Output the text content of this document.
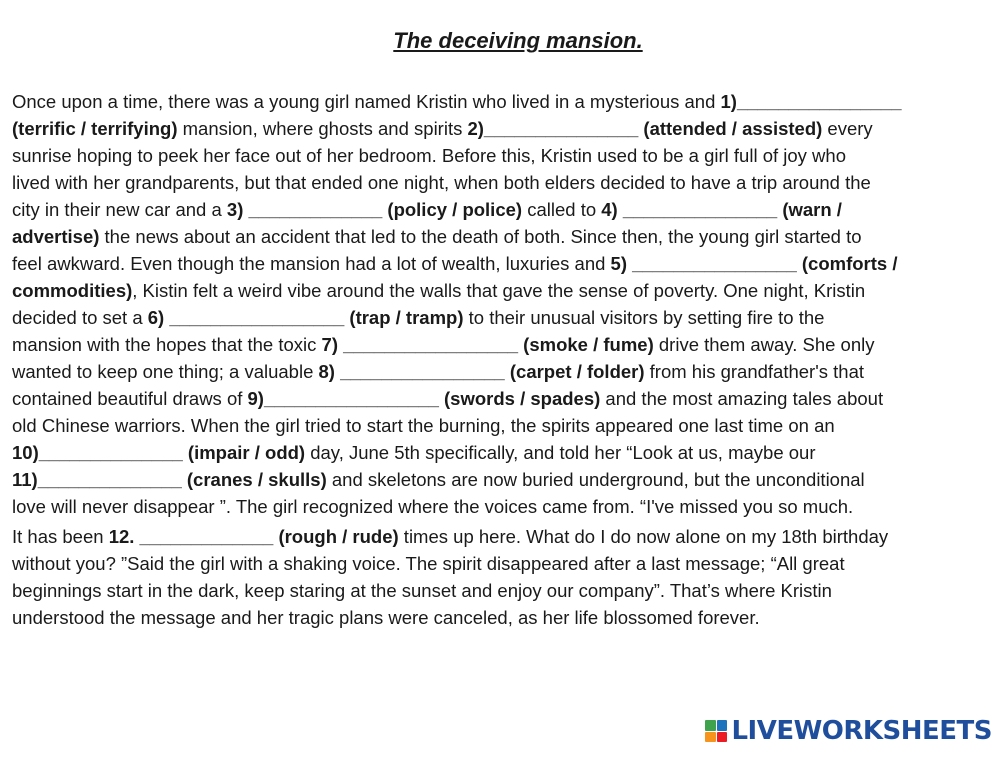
The deceiving mansion.
Once upon a time, there was a young girl named Kristin who lived in a mysterious and 1)________________
(terrific / terrifying) mansion, where ghosts and spirits 2)_______________ (attended / assisted) every
sunrise hoping to peek her face out of her bedroom. Before this, Kristin used to be a girl full of joy who
lived with her grandparents, but that ended one night, when both elders decided to have a trip around the
city in their new car and a 3) _____________ (policy / police) called to 4) _______________ (warn /
advertise) the news about an accident that led to the death of both. Since then, the young girl started to
feel awkward. Even though the mansion had a lot of wealth, luxuries and 5) ________________ (comforts /
commodities), Kistin felt a weird vibe around the walls that gave the sense of poverty. One night, Kristin
decided to set a 6) _________________ (trap / tramp) to their unusual visitors by setting fire to the
mansion with the hopes that the toxic 7) _________________ (smoke / fume) drive them away. She only
wanted to keep one thing; a valuable 8) ________________ (carpet / folder) from his grandfather's that
contained beautiful draws of 9)_________________ (swords / spades) and the most amazing tales about
old Chinese warriors. When the girl tried to start the burning, the spirits appeared one last time on an
10)______________ (impair / odd) day, June 5th specifically, and told her “Look at us, maybe our
11)______________ (cranes / skulls) and skeletons are now buried underground, but the unconditional
love will never disappear ”. The girl recognized where the voices came from. “I've missed you so much.
It has been 12. _____________ (rough / rude) times up here. What do I do now alone on my 18th birthday
without you? ”Said the girl with a shaking voice. The spirit disappeared after a last message; “All great
beginnings start in the dark, keep staring at the sunset and enjoy our company”. That’s where Kristin
understood the message and her tragic plans were canceled, as her life blossomed forever.
LIVEWORKSHEETS
